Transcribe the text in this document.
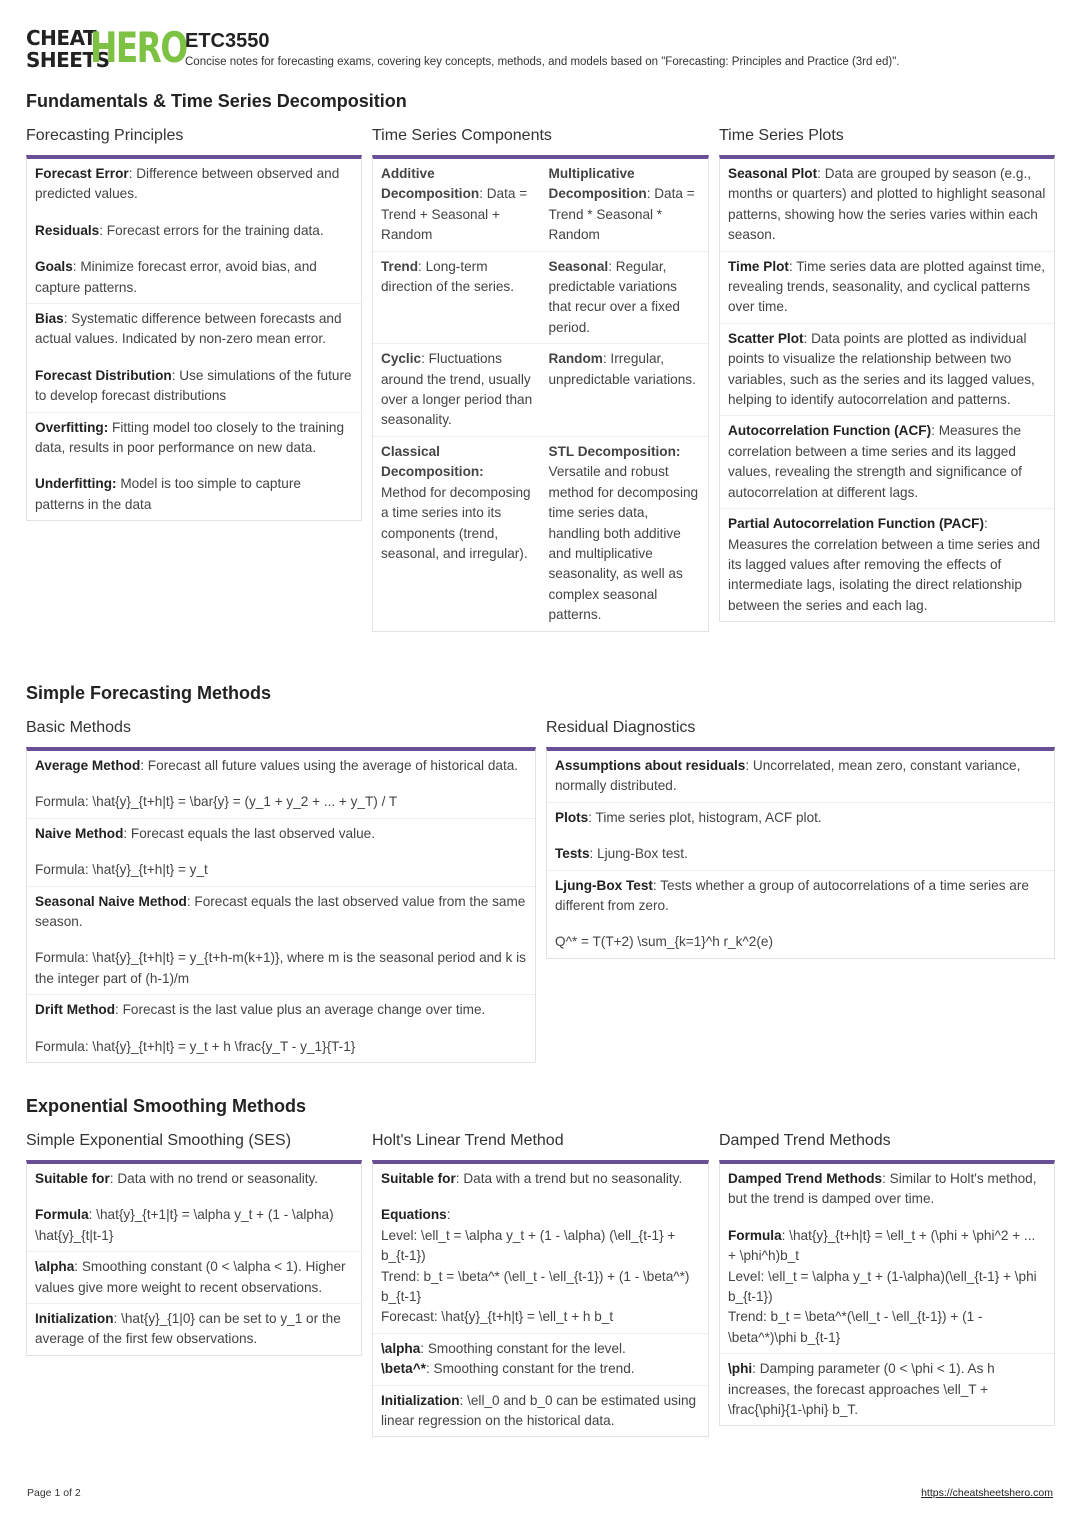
CHEAT
SHEETS
HERO
ETC3550
Concise notes for forecasting exams, covering key concepts, methods, and models based on "Forecasting: Principles and Practice (3rd ed)".
Fundamentals & Time Series Decomposition
Forecasting Principles
Forecast Error: Difference between observed and predicted values.
Residuals: Forecast errors for the training data.
Goals: Minimize forecast error, avoid bias, and capture patterns.
Bias: Systematic difference between forecasts and actual values. Indicated by non-zero mean error.
Forecast Distribution: Use simulations of the future to develop forecast distributions
Overfitting: Fitting model too closely to the training data, results in poor performance on new data.
Underfitting: Model is too simple to capture patterns in the data
Time Series Components
Additive Decomposition: Data = Trend + Seasonal + Random
Multiplicative Decomposition: Data = Trend * Seasonal * Random
Trend: Long-term direction of the series.
Seasonal: Regular, predictable variations that recur over a fixed period.
Cyclic: Fluctuations around the trend, usually over a longer period than seasonality.
Random: Irregular, unpredictable variations.
Classical Decomposition: Method for decomposing a time series into its components (trend, seasonal, and irregular).
STL Decomposition: Versatile and robust method for decomposing time series data, handling both additive and multiplicative seasonality, as well as complex seasonal patterns.
Time Series Plots
Seasonal Plot: Data are grouped by season (e.g., months or quarters) and plotted to highlight seasonal patterns, showing how the series varies within each season.
Time Plot: Time series data are plotted against time, revealing trends, seasonality, and cyclical patterns over time.
Scatter Plot: Data points are plotted as individual points to visualize the relationship between two variables, such as the series and its lagged values, helping to identify autocorrelation and patterns.
Autocorrelation Function (ACF): Measures the correlation between a time series and its lagged values, revealing the strength and significance of autocorrelation at different lags.
Partial Autocorrelation Function (PACF): Measures the correlation between a time series and its lagged values after removing the effects of intermediate lags, isolating the direct relationship between the series and each lag.
Simple Forecasting Methods
Basic Methods
Average Method: Forecast all future values using the average of historical data.
Formula: \hat{y}_{t+h|t} = \bar{y} = (y_1 + y_2 + ... + y_T) / T
Naive Method: Forecast equals the last observed value.
Formula: \hat{y}_{t+h|t} = y_t
Seasonal Naive Method: Forecast equals the last observed value from the same season.
Formula: \hat{y}_{t+h|t} = y_{t+h-m(k+1)}, where m is the seasonal period and k is the integer part of (h-1)/m
Drift Method: Forecast is the last value plus an average change over time.
Formula: \hat{y}_{t+h|t} = y_t + h \frac{y_T - y_1}{T-1}
Residual Diagnostics
Assumptions about residuals: Uncorrelated, mean zero, constant variance, normally distributed.
Plots: Time series plot, histogram, ACF plot.
Tests: Ljung-Box test.
Ljung-Box Test: Tests whether a group of autocorrelations of a time series are different from zero.
Q^* = T(T+2) \sum_{k=1}^h r_k^2(e)
Exponential Smoothing Methods
Simple Exponential Smoothing (SES)
Suitable for: Data with no trend or seasonality.
Formula: \hat{y}_{t+1|t} = \alpha y_t + (1 - \alpha) \hat{y}_{t|t-1}
\alpha: Smoothing constant (0 < \alpha < 1). Higher values give more weight to recent observations.
Initialization: \hat{y}_{1|0} can be set to y_1 or the average of the first few observations.
Holt's Linear Trend Method
Suitable for: Data with a trend but no seasonality.
Equations:
Level: \ell_t = \alpha y_t + (1 - \alpha) (\ell_{t-1} + b_{t-1})
Trend: b_t = \beta^* (\ell_t - \ell_{t-1}) + (1 - \beta^*) b_{t-1}
Forecast: \hat{y}_{t+h|t} = \ell_t + h b_t
\alpha: Smoothing constant for the level.
\beta^*: Smoothing constant for the trend.
Initialization: \ell_0 and b_0 can be estimated using linear regression on the historical data.
Damped Trend Methods
Damped Trend Methods: Similar to Holt's method, but the trend is damped over time.
Formula: \hat{y}_{t+h|t} = \ell_t + (\phi + \phi^2 + ... + \phi^h)b_t
Level: \ell_t = \alpha y_t + (1-\alpha)(\ell_{t-1} + \phi b_{t-1})
Trend: b_t = \beta^*(\ell_t - \ell_{t-1}) + (1 - \beta^*)\phi b_{t-1}
\phi: Damping parameter (0 < \phi < 1). As h increases, the forecast approaches \ell_T + \frac{\phi}{1-\phi} b_T.
Page 1 of 2	https://cheatsheetshero.com
